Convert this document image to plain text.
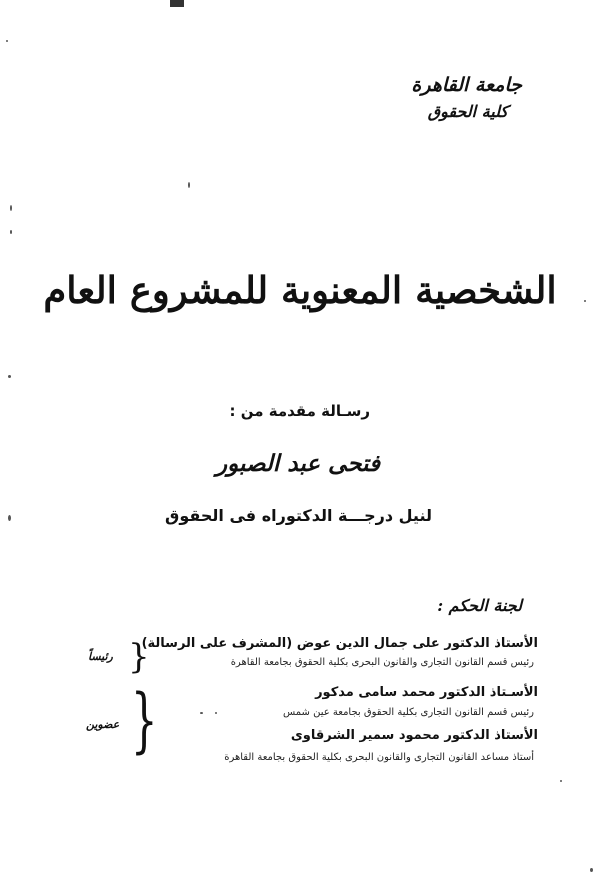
جامعة القاهرة
كلية الحقوق
الشخصية المعنوية للمشروع العام
رسـالة مقدمة من :
فتحى عبد الصبور
لنيل درجـــة الدكتوراه فى الحقوق
لجنة الحكم :
الأستاذ الدكتور على جمال الدين عوض (المشرف على الرسالة)
رئيس قسم القانون التجارى والقانون البحرى بكلية الحقوق بجامعة القاهرة
الأسـتاذ الدكتور محمد سامى مدكور
رئيس قسم القانون التجارى بكلية الحقوق بجامعة عين شمس
الأستاذ الدكتور محمود سمير الشرقاوى
أستاذ مساعد القانون التجارى والقانون البحرى بكلية الحقوق بجامعة القاهرة
{
{
رئيساً
عضوين
